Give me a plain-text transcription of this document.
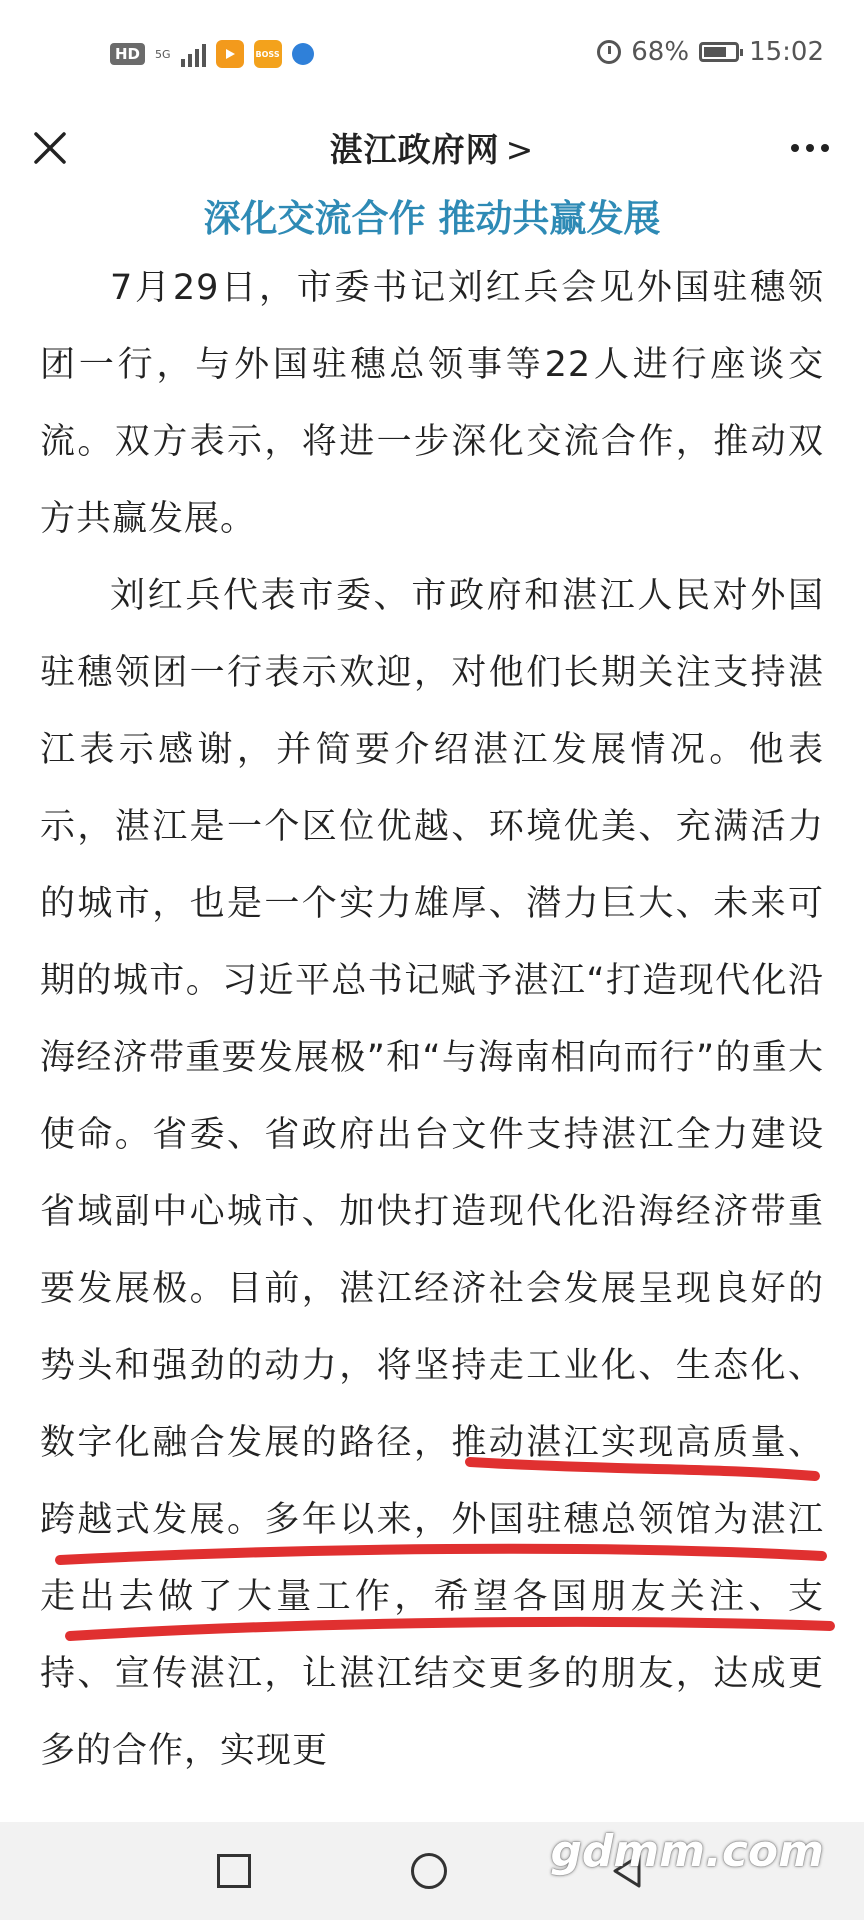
HD	5G	BOSS	68% 15:02
湛江政府网 >
深化交流合作 推动共赢发展

7月29日，市委书记刘红兵会见外国驻穗领团一行，与外国驻穗总领事等22人进行座谈交流。双方表示，将进一步深化交流合作，推动双方共赢发展。

刘红兵代表市委、市政府和湛江人民对外国驻穗领团一行表示欢迎，对他们长期关注支持湛江表示感谢，并简要介绍湛江发展情况。他表示，湛江是一个区位优越、环境优美、充满活力的城市，也是一个实力雄厚、潜力巨大、未来可期的城市。习近平总书记赋予湛江“打造现代化沿海经济带重要发展极”和“与海南相向而行”的重大使命。省委、省政府出台文件支持湛江全力建设省域副中心城市、加快打造现代化沿海经济带重要发展极。目前，湛江经济社会发展呈现良好的势头和强劲的动力，将坚持走工业化、生态化、数字化融合发展的路径，推动湛江实现高质量、跨越式发展。多年以来，外国驻穗总领馆为湛江走出去做了大量工作，希望各国朋友关注、支持、宣传湛江，让湛江结交更多的朋友，达成更多的合作，实现更

gdmm.com
